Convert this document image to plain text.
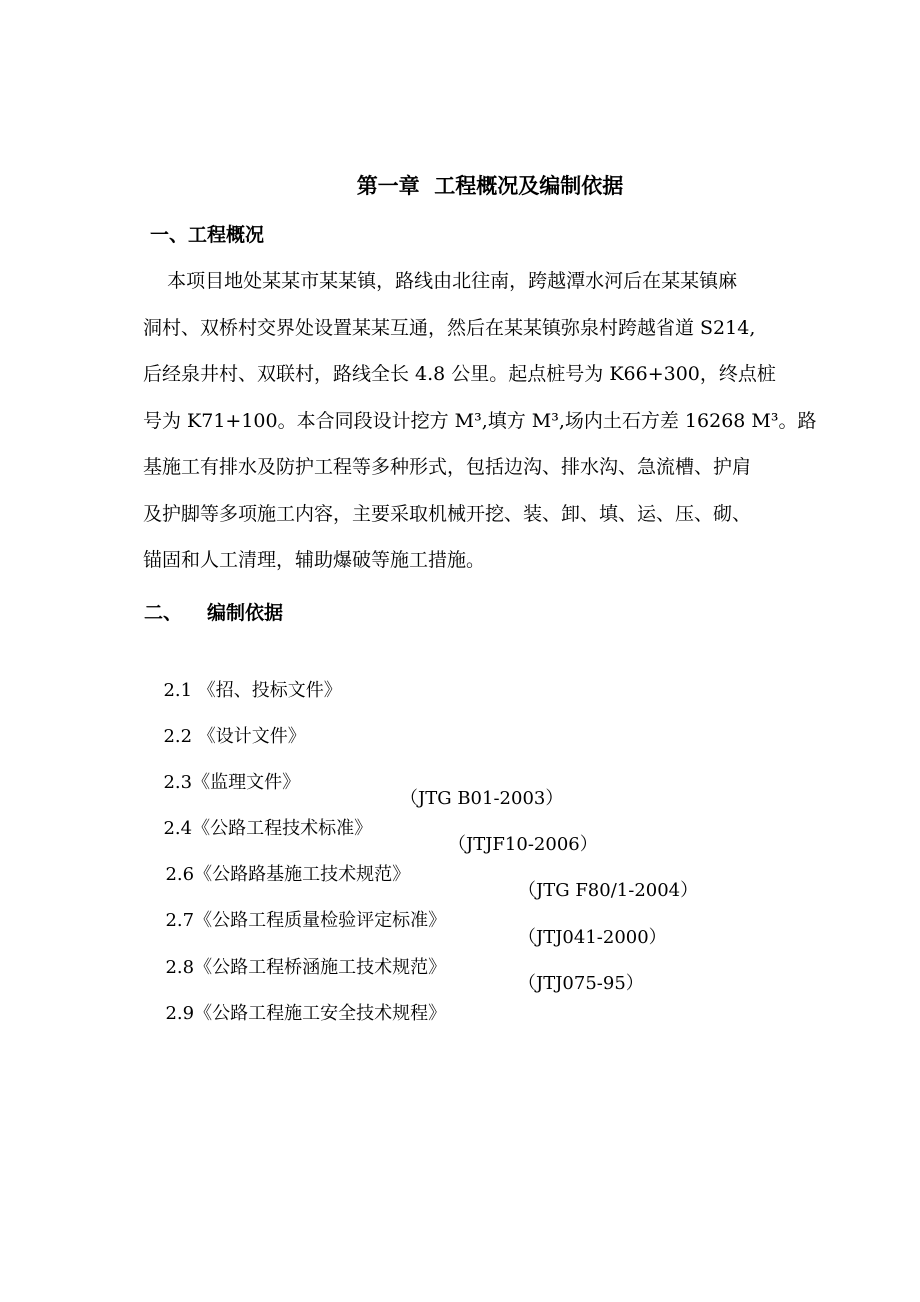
第一章  工程概况及编制依据
一、工程概况
本项目地处某某市某某镇，路线由北往南，跨越潭水河后在某某镇麻
洞村、双桥村交界处设置某某互通，然后在某某镇弥泉村跨越省道 S214,
后经泉井村、双联村，路线全长 4.8 公里。起点桩号为 K66+300，终点桩
号为 K71+100。本合同段设计挖方 M³,填方 M³,场内土石方差 16268 M³。路
基施工有排水及防护工程等多种形式，包括边沟、排水沟、急流槽、护肩
及护脚等多项施工内容，主要采取机械开挖、装、卸、填、运、压、砌、
锚固和人工清理，辅助爆破等施工措施。
二、 编制依据

2.1 《招、投标文件》

2.2 《设计文件》

2.3《监理文件》

2.4《公路工程技术标准》

（JTG B01-2003）

2.6《公路路基施工技术规范》

（JTJF10-2006）

2.7《公路工程质量检验评定标准》

（JTG F80/1-2004）

2.8《公路工程桥涵施工技术规范》

（JTJ041-2000）

2.9《公路工程施工安全技术规程》

（JTJ075-95）
